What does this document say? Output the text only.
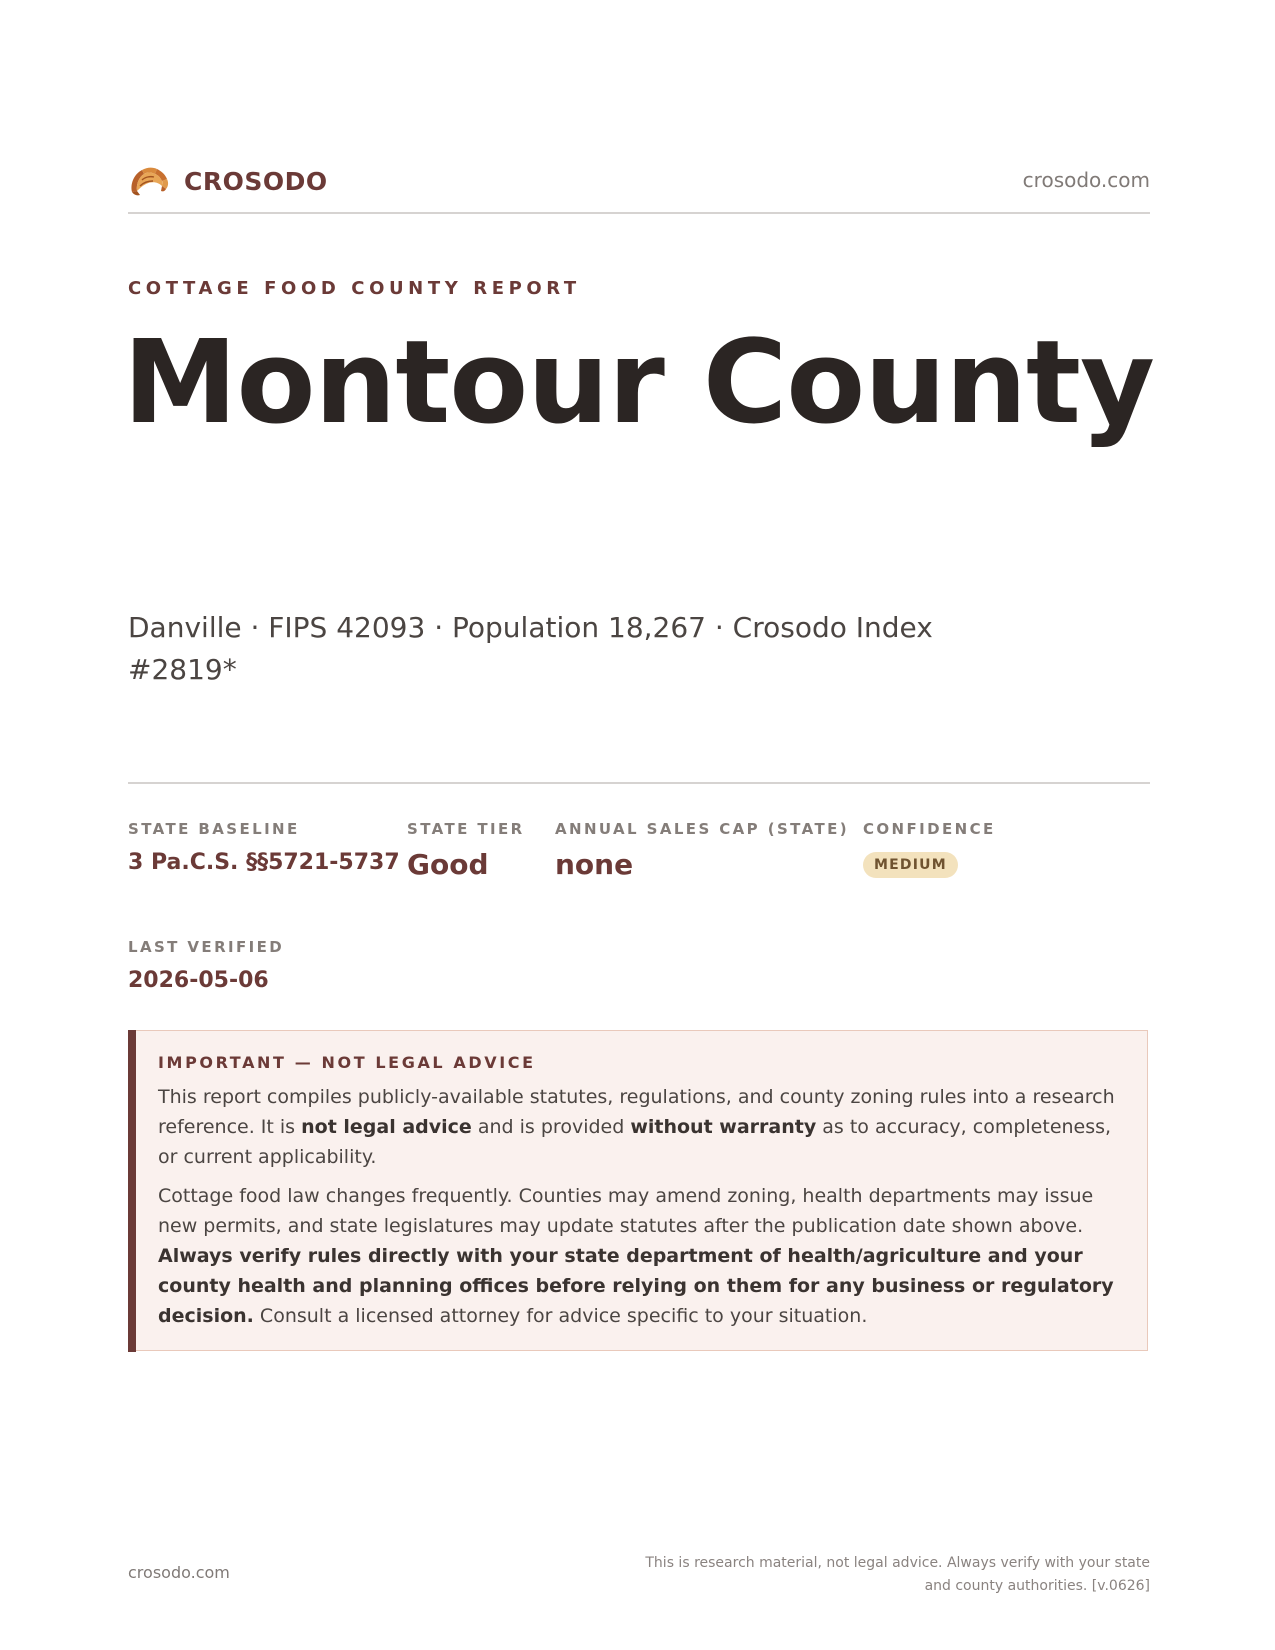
CROSODO	crosodo.com
COTTAGE FOOD COUNTY REPORT
Montour County
Danville · FIPS 42093 · Population 18,267 · Crosodo Index #2819*
STATE BASELINE
3 Pa.C.S. §§5721-5737
STATE TIER
Good
ANNUAL SALES CAP (STATE)
none
CONFIDENCE
MEDIUM
LAST VERIFIED
2026-05-06
IMPORTANT — NOT LEGAL ADVICE

This report compiles publicly-available statutes, regulations, and county zoning rules into a research reference. It is not legal advice and is provided without warranty as to accuracy, completeness, or current applicability.

Cottage food law changes frequently. Counties may amend zoning, health departments may issue new permits, and state legislatures may update statutes after the publication date shown above. Always verify rules directly with your state department of health/agriculture and your county health and planning offices before relying on them for any business or regulatory decision. Consult a licensed attorney for advice specific to your situation.

crosodo.com	This is research material, not legal advice. Always verify with your state and county authorities. [v.0626]
